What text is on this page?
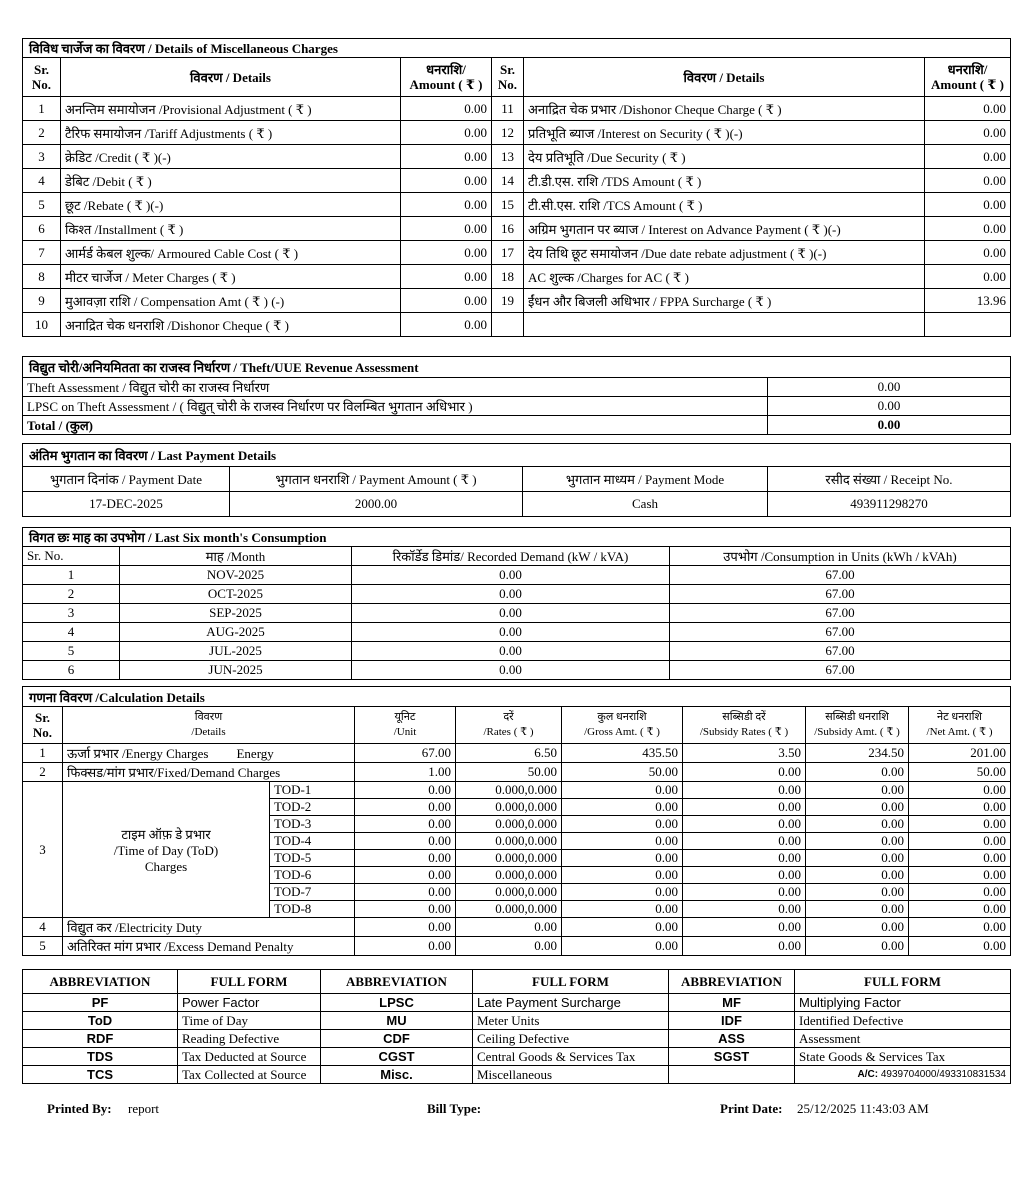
विविध चार्जेज का विवरण / Details of Miscellaneous Charges					
Sr.
No.	विवरण / Details	धनराशि/
Amount ( ₹ )	Sr.
No.	विवरण / Details	धनराशि/
Amount ( ₹ )
1	अनन्तिम समायोजन /Provisional Adjustment ( ₹ )	0.00	11	अनाद्रित चेक प्रभार /Dishonor Cheque Charge ( ₹ )	0.00
2	टैरिफ समायोजन /Tariff Adjustments ( ₹ )	0.00	12	प्रतिभूति ब्याज /Interest on Security ( ₹ )(-)	0.00
3	क्रेडिट /Credit ( ₹ )(-)	0.00	13	देय प्रतिभूति /Due Security ( ₹ )	0.00
4	डेबिट /Debit ( ₹ )	0.00	14	टी.डी.एस. राशि /TDS Amount ( ₹ )	0.00
5	छूट /Rebate ( ₹ )(-)	0.00	15	टी.सी.एस. राशि /TCS Amount ( ₹ )	0.00
6	किश्त /Installment ( ₹ )	0.00	16	अग्रिम भुगतान पर ब्याज / Interest on Advance Payment ( ₹ )(-)	0.00
7	आर्मर्ड केबल शुल्क/ Armoured Cable Cost ( ₹ )	0.00	17	देय तिथि छूट समायोजन /Due date rebate adjustment ( ₹ )(-)	0.00
8	मीटर चार्जेज / Meter Charges ( ₹ )	0.00	18	AC शुल्क /Charges for AC ( ₹ )	0.00
9	मुआवज़ा राशि / Compensation Amt ( ₹ ) (-)	0.00	19	ईंधन और बिजली अधिभार / FPPA Surcharge ( ₹ )	13.96
10	अनाद्रित चेक धनराशि /Dishonor Cheque ( ₹ )	0.00			
विद्युत चोरी/अनियमितता का राजस्व निर्धारण / Theft/UUE Revenue Assessment	
Theft Assessment / विद्युत चोरी का राजस्व निर्धारण	0.00
LPSC on Theft Assessment / ( विद्युत् चोरी के राजस्व निर्धारण पर विलम्बित भुगतान अधिभार )	0.00
Total / (कुल)	0.00
अंतिम भुगतान का विवरण / Last Payment Details			
भुगतान दिनांक / Payment Date	भुगतान धनराशि / Payment Amount ( ₹ )	भुगतान माध्यम / Payment Mode	रसीद संख्या / Receipt No.
17-DEC-2025	2000.00	Cash	493911298270
विगत छः माह का उपभोग / Last Six month's Consumption			
Sr. No.	माह /Month	रिकॉर्डेड डिमांड/ Recorded Demand (kW / kVA)	उपभोग /Consumption in Units (kWh / kVAh)
1	NOV-2025	0.00	67.00
2	OCT-2025	0.00	67.00
3	SEP-2025	0.00	67.00
4	AUG-2025	0.00	67.00
5	JUL-2025	0.00	67.00
6	JUN-2025	0.00	67.00
गणना विवरण /Calculation Details								
Sr.
No.	विवरण
/Details		यूनिट
/Unit	दरें
/Rates ( ₹ )	कुल धनराशि
/Gross Amt. ( ₹ )	सब्सिडी दरें
/Subsidy Rates ( ₹ )	सब्सिडी धनराशि
/Subsidy Amt. ( ₹ )	नेट धनराशि
/Net Amt. ( ₹ )
1	ऊर्जा प्रभार /Energy Charges Energy		67.00	6.50	435.50	3.50	234.50	201.00
2	फिक्सड/मांग प्रभार/Fixed/Demand Charges		1.00	50.00	50.00	0.00	0.00	50.00
3	टाइम ऑफ़ डे प्रभार
/Time of Day (ToD)
Charges	TOD-1	0.00	0.000,0.000	0.00	0.00	0.00	0.00
		TOD-2	0.00	0.000,0.000	0.00	0.00	0.00	0.00
		TOD-3	0.00	0.000,0.000	0.00	0.00	0.00	0.00
		TOD-4	0.00	0.000,0.000	0.00	0.00	0.00	0.00
		TOD-5	0.00	0.000,0.000	0.00	0.00	0.00	0.00
		TOD-6	0.00	0.000,0.000	0.00	0.00	0.00	0.00
		TOD-7	0.00	0.000,0.000	0.00	0.00	0.00	0.00
		TOD-8	0.00	0.000,0.000	0.00	0.00	0.00	0.00
4	विद्युत कर /Electricity Duty		0.00	0.00	0.00	0.00	0.00	0.00
5	अतिरिक्त मांग प्रभार /Excess Demand Penalty		0.00	0.00	0.00	0.00	0.00	0.00
ABBREVIATION	FULL FORM	ABBREVIATION	FULL FORM	ABBREVIATION	FULL FORM
PF	Power Factor	LPSC	Late Payment Surcharge	MF	Multiplying Factor
ToD	Time of Day	MU	Meter Units	IDF	Identified Defective
RDF	Reading Defective	CDF	Ceiling Defective	ASS	Assessment
TDS	Tax Deducted at Source	CGST	Central Goods & Services Tax	SGST	State Goods & Services Tax
TCS	Tax Collected at Source	Misc.	Miscellaneous		A/C: 4939704000/493310831534
Printed By: report	Bill Type:	Print Date: 25/12/2025 11:43:03 AM
